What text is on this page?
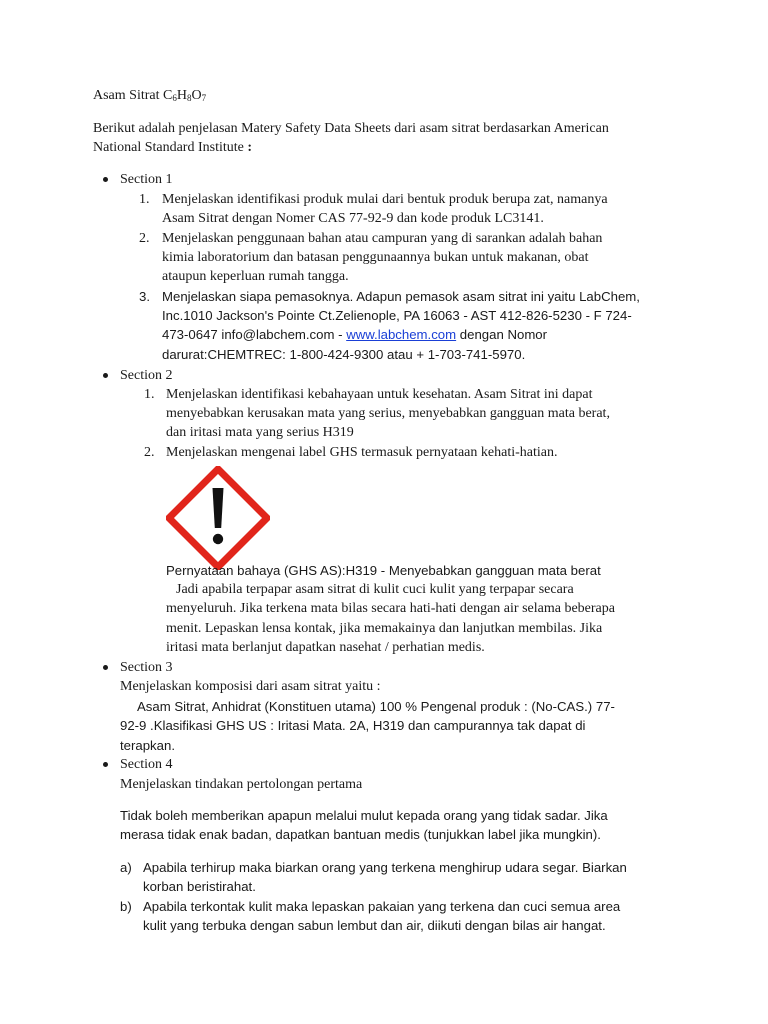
Asam Sitrat $C_6H_8O_7$
Berikut adalah penjelasan Matery Safety Data Sheets dari asam sitrat berdasarkan American
National Standard Institute :
Section 1
1. Menjelaskan identifikasi produk mulai dari bentuk produk berupa zat, namanya
Asam Sitrat dengan Nomer CAS 77-92-9 dan kode produk LC3141.
2. Menjelaskan penggunaan bahan atau campuran yang di sarankan adalah bahan
kimia laboratorium dan batasan penggunaannya bukan untuk makanan, obat
ataupun keperluan rumah tangga.
3. Menjelaskan siapa pemasoknya. Adapun pemasok asam sitrat ini yaitu LabChem,
Inc.1010 Jackson's Pointe Ct.Zelienople, PA 16063 - AST 412-826-5230 - F 724-
473-0647 info@labchem.com - www.labchem.com dengan Nomor
darurat:CHEMTREC: 1-800-424-9300 atau + 1-703-741-5970.
Section 2
1. Menjelaskan identifikasi kebahayaan untuk kesehatan. Asam Sitrat ini dapat
menyebabkan kerusakan mata yang serius, menyebabkan gangguan mata berat,
dan iritasi mata yang serius H319
2. Menjelaskan mengenai label GHS termasuk pernyataan kehati-hatian.
Pernyataan bahaya (GHS AS):H319 - Menyebabkan gangguan mata berat
Jadi apabila terpapar asam sitrat di kulit cuci kulit yang terpapar secara
menyeluruh. Jika terkena mata bilas secara hati-hati dengan air selama beberapa
menit. Lepaskan lensa kontak, jika memakainya dan lanjutkan membilas. Jika
iritasi mata berlanjut dapatkan nasehat / perhatian medis.
Section 3
Menjelaskan komposisi dari asam sitrat yaitu :
Asam Sitrat, Anhidrat (Konstituen utama) 100 % Pengenal produk : (No-CAS.) 77-
92-9 .Klasifikasi GHS US : Iritasi Mata. 2A, H319 dan campurannya tak dapat di
terapkan.
Section 4
Menjelaskan tindakan pertolongan pertama
Tidak boleh memberikan apapun melalui mulut kepada orang yang tidak sadar. Jika
merasa tidak enak badan, dapatkan bantuan medis (tunjukkan label jika mungkin).
a) Apabila terhirup maka biarkan orang yang terkena menghirup udara segar. Biarkan
korban beristirahat.
b) Apabila terkontak kulit maka lepaskan pakaian yang terkena dan cuci semua area
kulit yang terbuka dengan sabun lembut dan air, diikuti dengan bilas air hangat.
